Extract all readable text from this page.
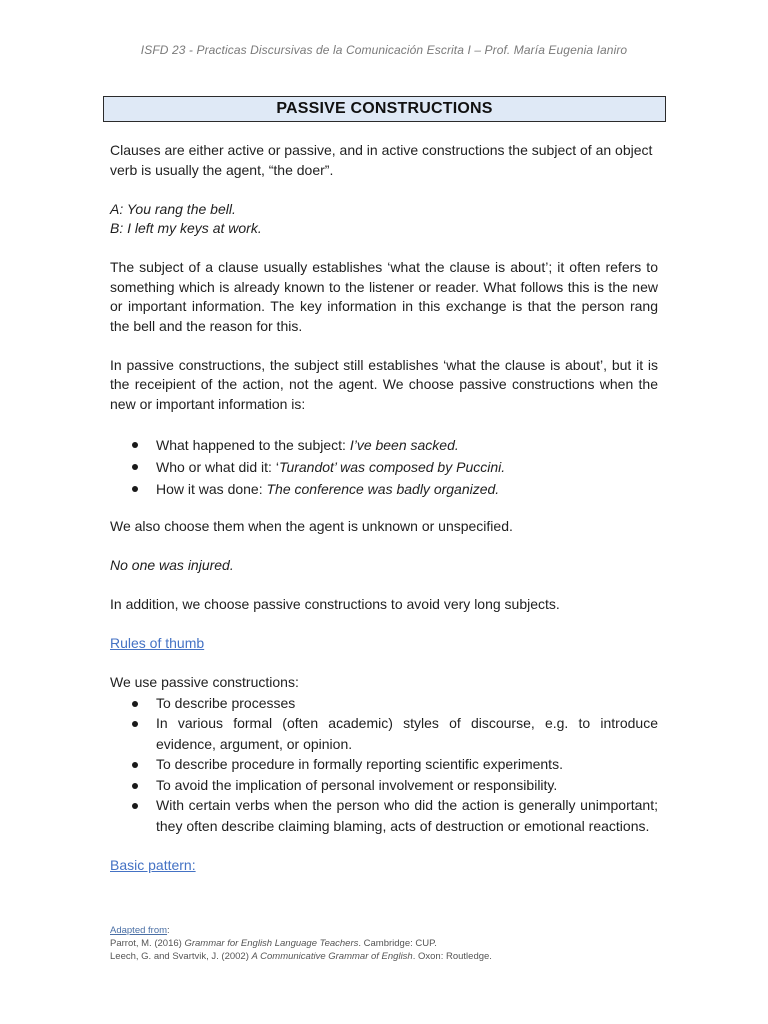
ISFD 23 - Practicas Discursivas de la Comunicación Escrita I – Prof. María Eugenia Ianiro
PASSIVE CONSTRUCTIONS

Clauses are either active or passive, and in active constructions the subject of an object verb is usually the agent, “the doer”.

A: You rang the bell.

B: I left my keys at work.

The subject of a clause usually establishes ‘what the clause is about’; it often refers to something which is already known to the listener or reader. What follows this is the new or important information. The key information in this exchange is that the person rang the bell and the reason for this.

In passive constructions, the subject still establishes ‘what the clause is about’, but it is the receipient of the action, not the agent. We choose passive constructions when the new or important information is:

What happened to the subject: I’ve been sacked.
Who or what did it: ‘Turandot’ was composed by Puccini.
How it was done: The conference was badly organized.

We also choose them when the agent is unknown or unspecified.

No one was injured.

In addition, we choose passive constructions to avoid very long subjects.

Rules of thumb

We use passive constructions:

To describe processes
In various formal (often academic) styles of discourse, e.g. to introduce evidence, argument, or opinion.
To describe procedure in formally reporting scientific experiments.
To avoid the implication of personal involvement or responsibility.
With certain verbs when the person who did the action is generally unimportant; they often describe claiming blaming, acts of destruction or emotional reactions.

Basic pattern:

Adapted from:
Parrot, M. (2016) Grammar for English Language Teachers. Cambridge: CUP.
Leech, G. and Svartvik, J. (2002) A Communicative Grammar of English. Oxon: Routledge.
